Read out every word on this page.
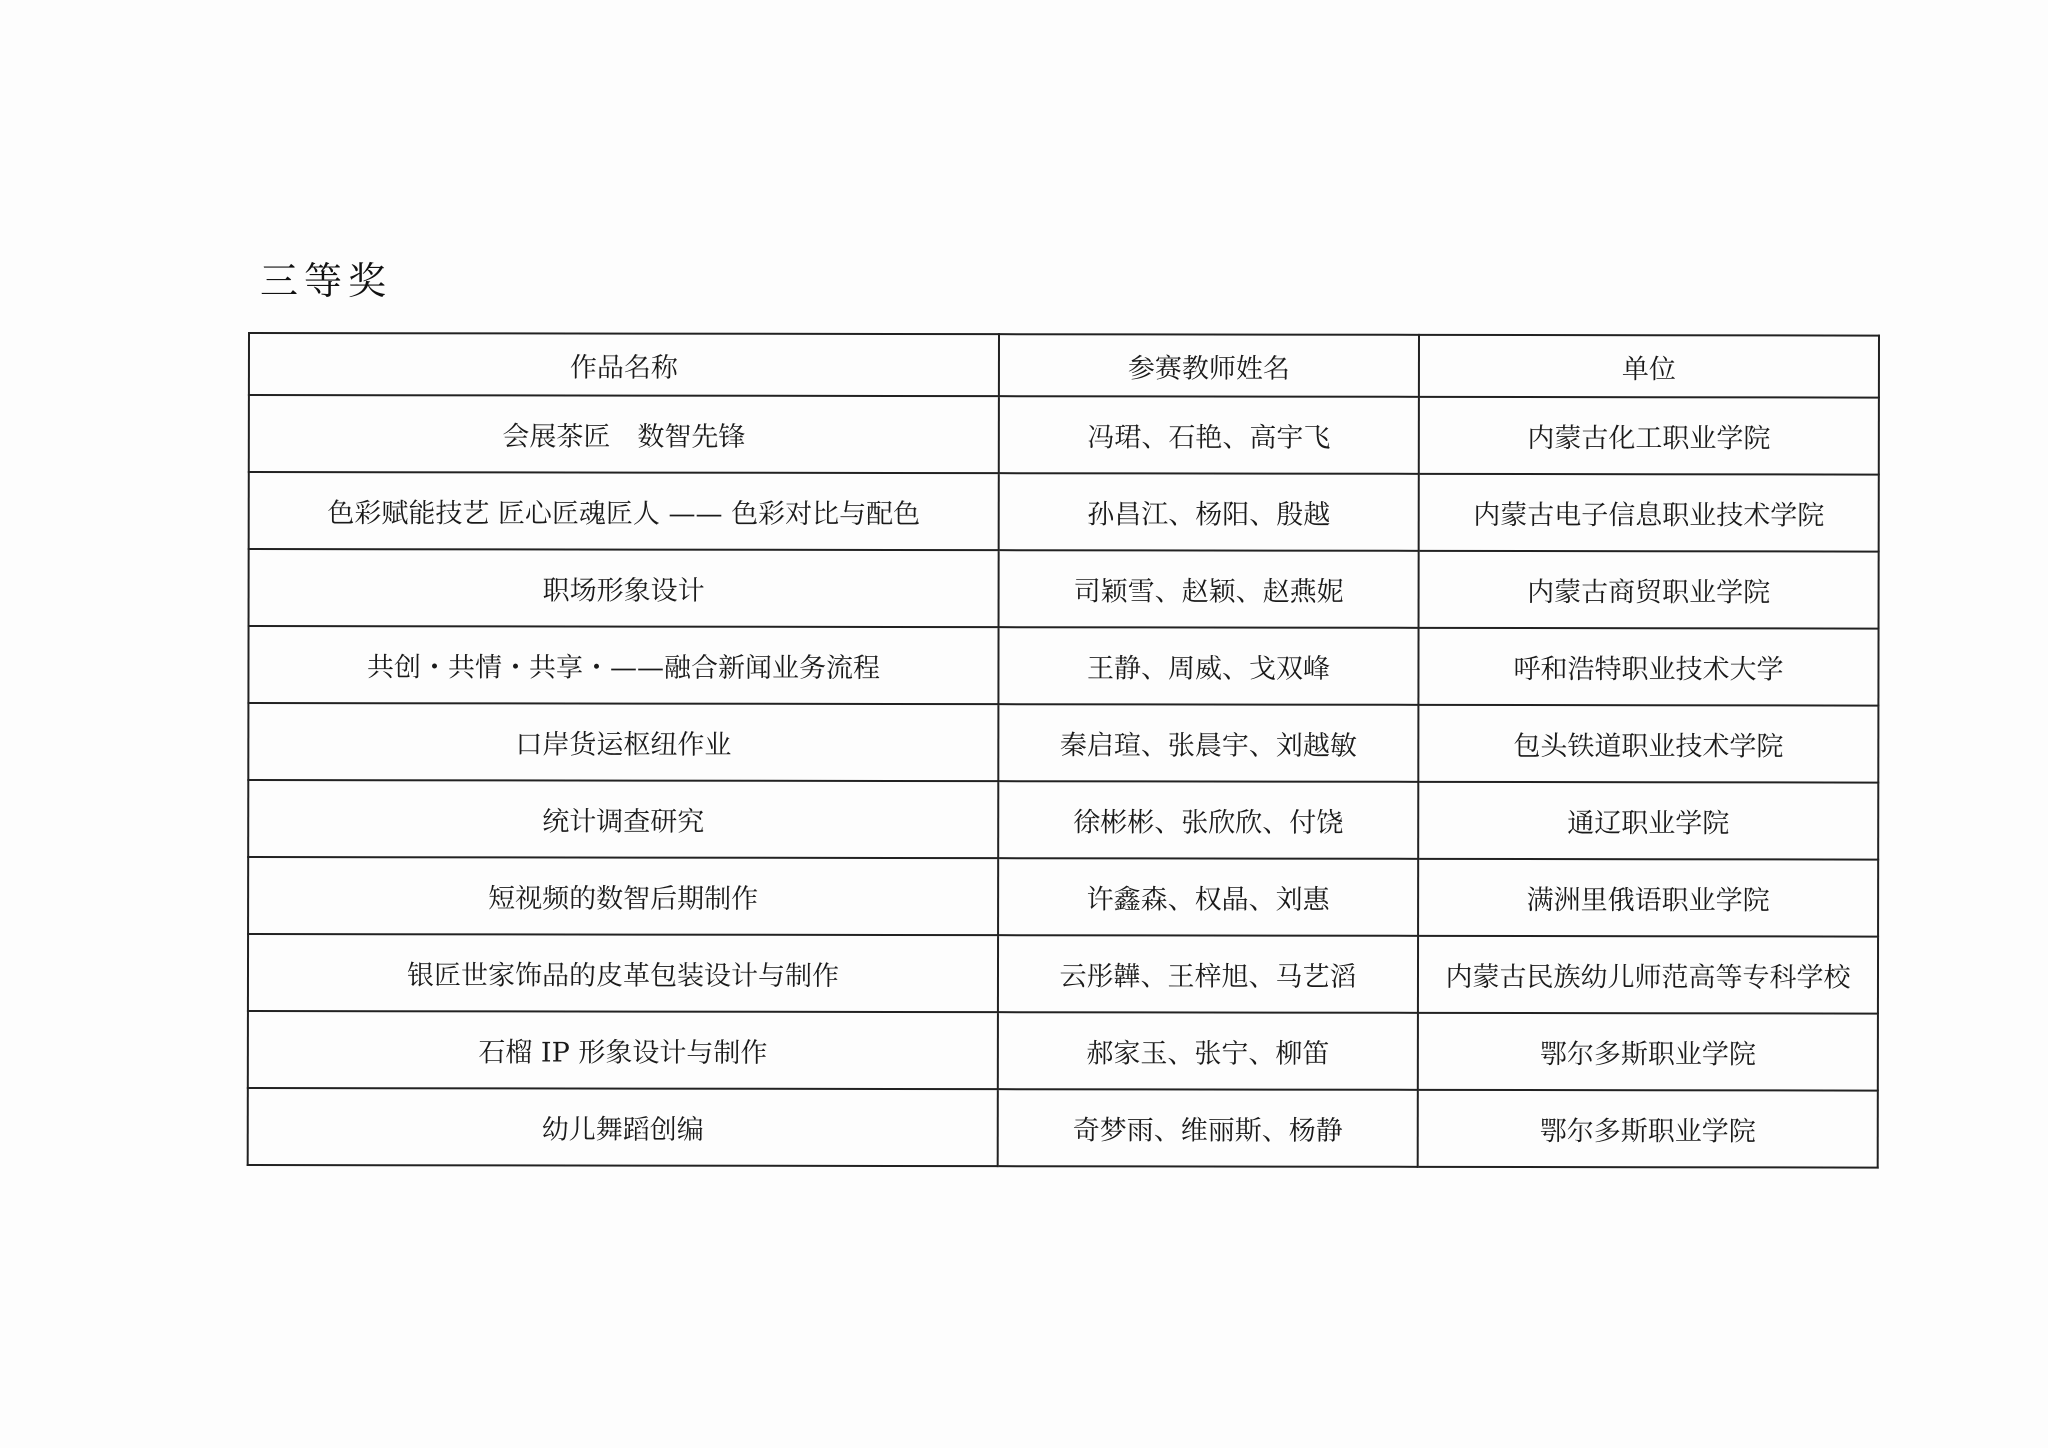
三等奖
作品名称	参赛教师姓名	单位
会展茶匠　数智先锋	冯珺、石艳、高宇飞	内蒙古化工职业学院
色彩赋能技艺 匠心匠魂匠人 —— 色彩对比与配色	孙昌江、杨阳、殷越	内蒙古电子信息职业技术学院
职场形象设计	司颖雪、赵颖、赵燕妮	内蒙古商贸职业学院
共创・共情・共享・——融合新闻业务流程	王静、周威、戈双峰	呼和浩特职业技术大学
口岸货运枢纽作业	秦启瑄、张晨宇、刘越敏	包头铁道职业技术学院
统计调查研究	徐彬彬、张欣欣、付饶	通辽职业学院
短视频的数智后期制作	许鑫森、权晶、刘惠	满洲里俄语职业学院
银匠世家饰品的皮革包装设计与制作	云彤韡、王梓旭、马艺滔	内蒙古民族幼儿师范高等专科学校
石榴 IP 形象设计与制作	郝家玉、张宁、柳笛	鄂尔多斯职业学院
幼儿舞蹈创编	奇梦雨、维丽斯、杨静	鄂尔多斯职业学院
